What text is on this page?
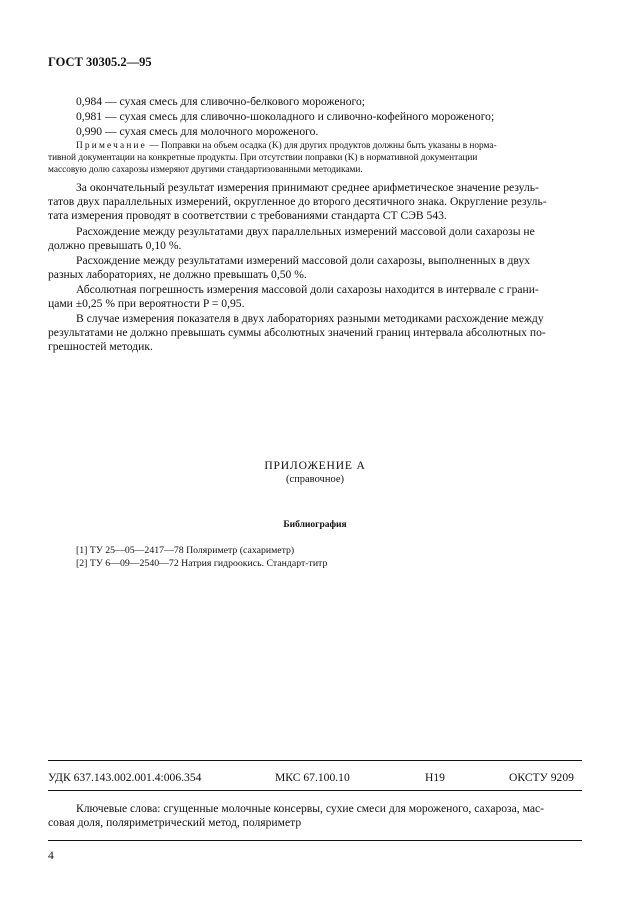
ГОСТ 30305.2—95
0,984 — сухая смесь для сливочно-белкового мороженого;
0,981 — сухая смесь для сливочно-шоколадного и сливочно-кофейного мороженого;
0,990 — сухая смесь для молочного мороженого.
Примечание — Поправки на объем осадка (K) для других продуктов должны быть указаны в норма-
тивной документации на конкретные продукты. При отсутствии поправки (K) в нормативной документации
массовую долю сахарозы измеряют другими стандартизованными методиками.
За окончательный результат измерения принимают среднее арифметическое значение резуль-
татов двух параллельных измерений, округленное до второго десятичного знака. Округление резуль-
тата измерения проводят в соответствии с требованиями стандарта СТ СЭВ 543.
Расхождение между результатами двух параллельных измерений массовой доли сахарозы не
должно превышать 0,10 %.
Расхождение между результатами измерений массовой доли сахарозы, выполненных в двух
разных лабораториях, не должно превышать 0,50 %.
Абсолютная погрешность измерения массовой доли сахарозы находится в интервале с грани-
цами ±0,25 % при вероятности P = 0,95.
В случае измерения показателя в двух лабораториях разными методиками расхождение между
результатами не должно превышать суммы абсолютных значений границ интервала абсолютных по-
грешностей методик.
ПРИЛОЖЕНИЕ А
(справочное)
Библиография
[1] ТУ 25—05—2417—78 Поляриметр (сахариметр)
[2] ТУ 6—09—2540—72 Натрия гидроокись. Стандарт-титр
УДК 637.143.002.001.4:006.354	МКС 67.100.10	Н19	ОКСТУ 9209
Ключевые слова: сгущенные молочные консервы, сухие смеси для мороженого, сахароза, мас-
совая доля, поляриметрический метод, поляриметр
4
